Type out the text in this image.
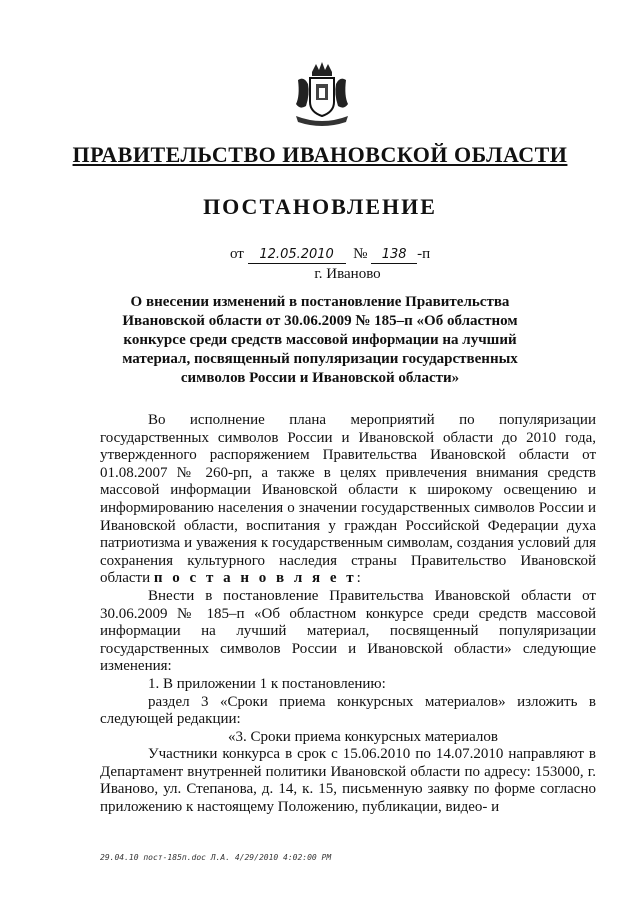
ПРАВИТЕЛЬСТВО ИВАНОВСКОЙ ОБЛАСТИ
ПОСТАНОВЛЕНИЕ
от 12.05.2010 № 138 -п
г. Иваново
О внесении изменений в постановление Правительства Ивановской области от 30.06.2009 № 185–п «Об областном конкурсе среди средств массовой информации на лучший материал, посвященный популяризации государственных символов России и Ивановской области»

Во исполнение плана мероприятий по популяризации государственных символов России и Ивановской области до 2010 года, утвержденного распоряжением Правительства Ивановской области от 01.08.2007 № 260-рп, а также в целях привлечения внимания средств массовой информации Ивановской области к широкому освещению и информированию населения о значении государственных символов России и Ивановской области, воспитания у граждан Российской Федерации духа патриотизма и уважения к государственным символам, создания условий для сохранения культурного наследия страны Правительство Ивановской области п о с т а н о в л я е т:

Внести в постановление Правительства Ивановской области от 30.06.2009 № 185–п «Об областном конкурсе среди средств массовой информации на лучший материал, посвященный популяризации государственных символов России и Ивановской области» следующие изменения:

1. В приложении 1 к постановлению:

раздел 3 «Сроки приема конкурсных материалов» изложить в следующей редакции:

«3. Сроки приема конкурсных материалов

Участники конкурса в срок с 15.06.2010 по 14.07.2010 направляют в Департамент внутренней политики Ивановской области по адресу: 153000, г. Иваново, ул. Степанова, д. 14, к. 15, письменную заявку по форме согласно приложению к настоящему Положению, публикации, видео- и

29.04.10 пост-185п.doc Л.А. 4/29/2010 4:02:00 PM
